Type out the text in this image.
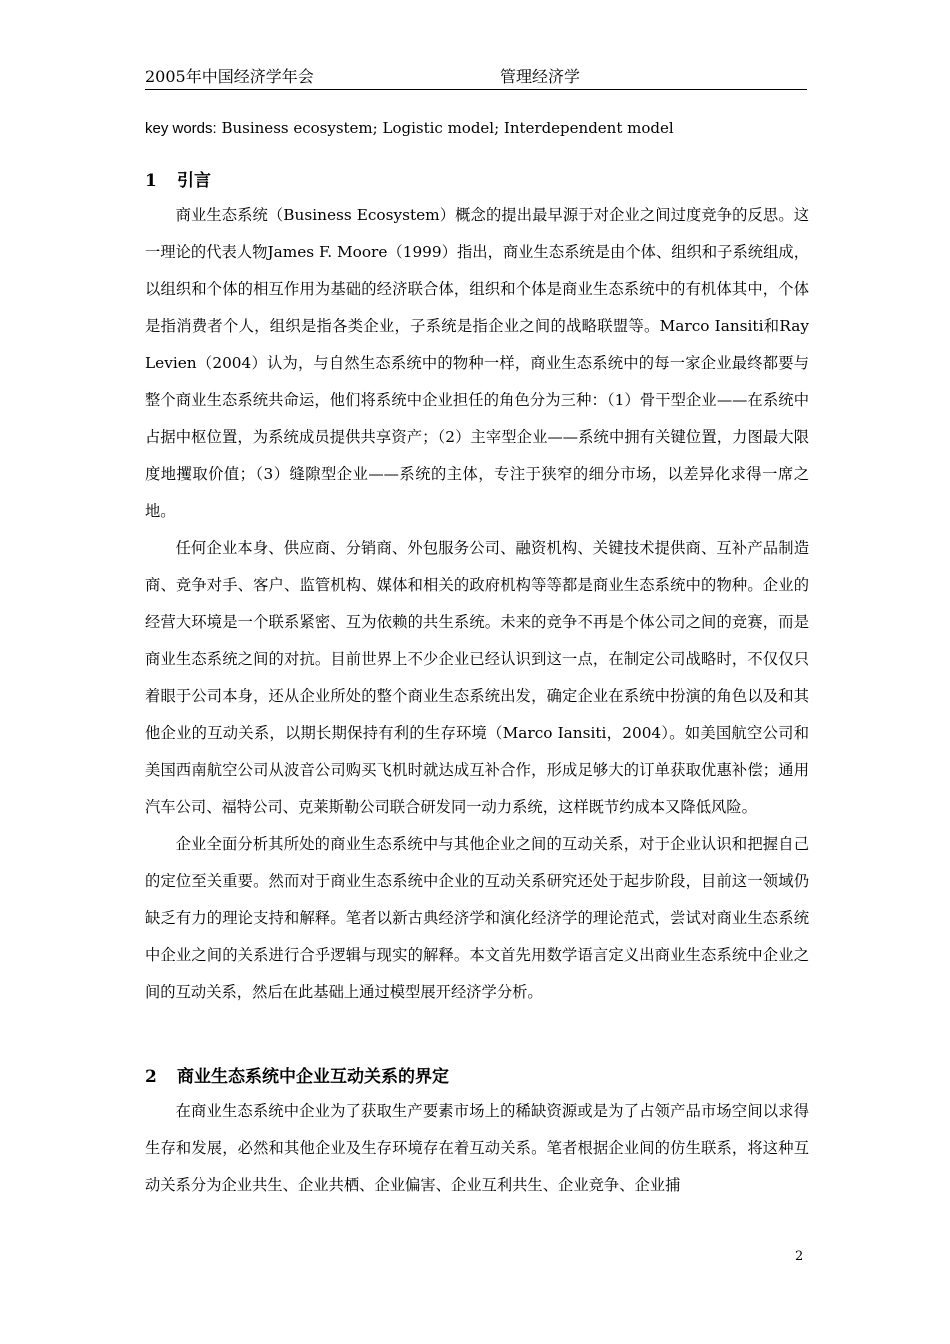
2005年中国经济学年会	管理经济学
key words: Business ecosystem; Logistic model; Interdependent model
1 引言

商业生态系统（Business Ecosystem）概念的提出最早源于对企业之间过度竞争的反思。这一理论的代表人物James F. Moore（1999）指出，商业生态系统是由个体、组织和子系统组成，以组织和个体的相互作用为基础的经济联合体，组织和个体是商业生态系统中的有机体其中，个体是指消费者个人，组织是指各类企业，子系统是指企业之间的战略联盟等。Marco Iansiti和Ray Levien（2004）认为，与自然生态系统中的物种一样，商业生态系统中的每一家企业最终都要与整个商业生态系统共命运，他们将系统中企业担任的角色分为三种：（1）骨干型企业——在系统中占据中枢位置，为系统成员提供共享资产；（2）主宰型企业——系统中拥有关键位置，力图最大限度地攫取价值；（3）缝隙型企业——系统的主体，专注于狭窄的细分市场，以差异化求得一席之地。

任何企业本身、供应商、分销商、外包服务公司、融资机构、关键技术提供商、互补产品制造商、竞争对手、客户、监管机构、媒体和相关的政府机构等等都是商业生态系统中的物种。企业的经营大环境是一个联系紧密、互为依赖的共生系统。未来的竞争不再是个体公司之间的竞赛，而是商业生态系统之间的对抗。目前世界上不少企业已经认识到这一点，在制定公司战略时，不仅仅只着眼于公司本身，还从企业所处的整个商业生态系统出发，确定企业在系统中扮演的角色以及和其他企业的互动关系，以期长期保持有利的生存环境（Marco Iansiti，2004）。如美国航空公司和美国西南航空公司从波音公司购买飞机时就达成互补合作，形成足够大的订单获取优惠补偿；通用汽车公司、福特公司、克莱斯勒公司联合研发同一动力系统，这样既节约成本又降低风险。

企业全面分析其所处的商业生态系统中与其他企业之间的互动关系，对于企业认识和把握自己的定位至关重要。然而对于商业生态系统中企业的互动关系研究还处于起步阶段，目前这一领域仍缺乏有力的理论支持和解释。笔者以新古典经济学和演化经济学的理论范式，尝试对商业生态系统中企业之间的关系进行合乎逻辑与现实的解释。本文首先用数学语言定义出商业生态系统中企业之间的互动关系，然后在此基础上通过模型展开经济学分析。

2 商业生态系统中企业互动关系的界定

在商业生态系统中企业为了获取生产要素市场上的稀缺资源或是为了占领产品市场空间以求得生存和发展，必然和其他企业及生存环境存在着互动关系。笔者根据企业间的仿生联系，将这种互动关系分为企业共生、企业共栖、企业偏害、企业互利共生、企业竞争、企业捕

2
